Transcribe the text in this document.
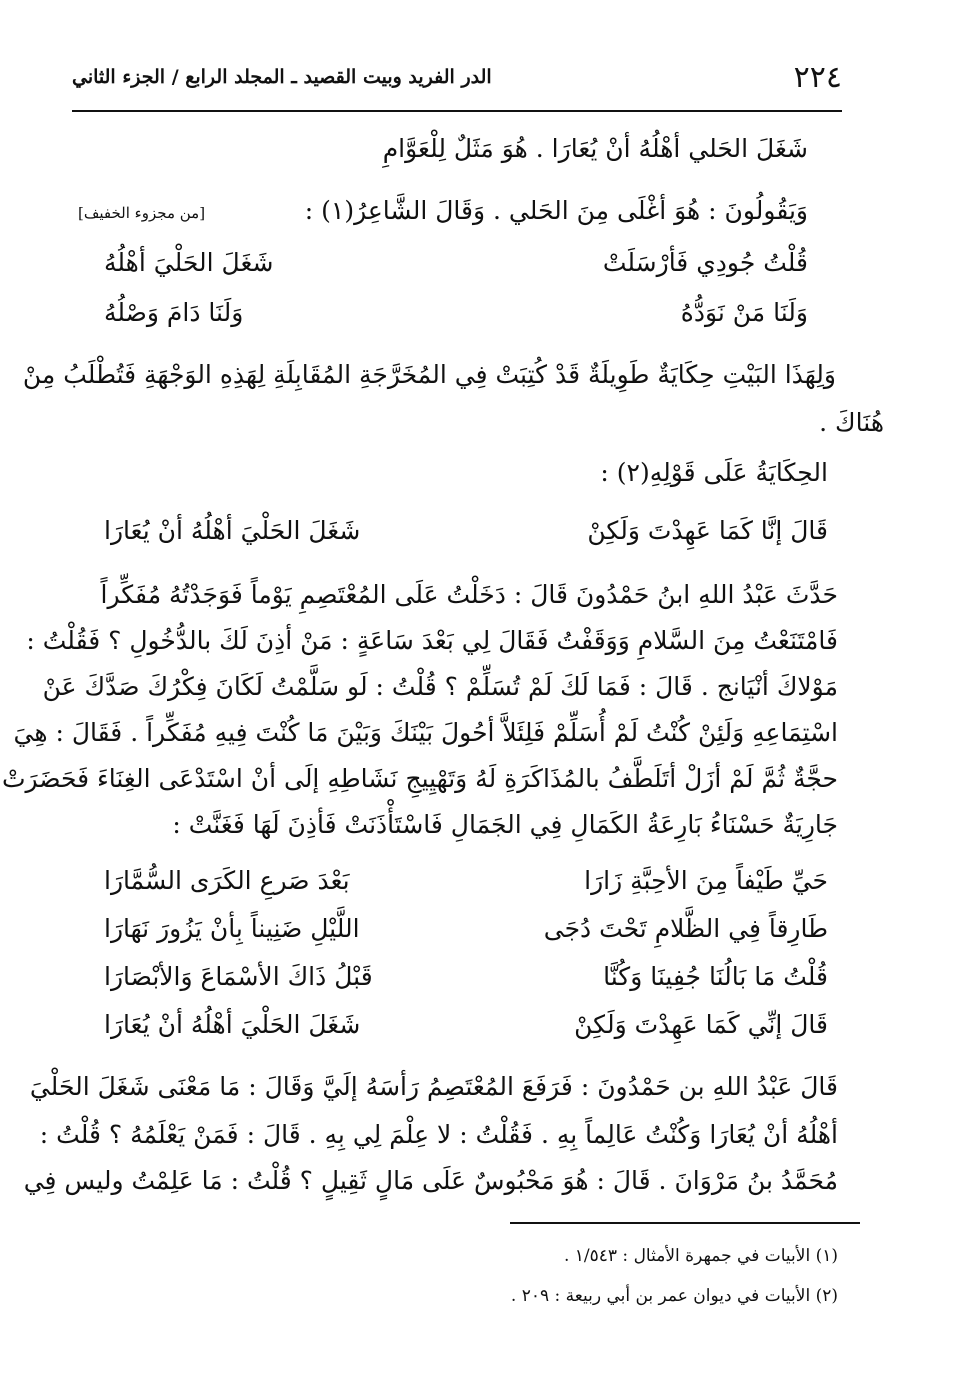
٢٢٤
الدر الفريد وبيت القصيد ـ المجلد الرابع / الجزء الثاني
شَغَلَ الحَلي أهْلُهُ أنْ يُعَارَا . هُوَ مَثَلٌ لِلْعَوَّامِ
وَيَقُولُونَ : هُوَ أغْلَى مِنَ الحَلي . وَقَالَ الشَّاعِرُ(١) :
[من مجزوء الخفيف]
قُلْتُ جُودِي فَأرْسَلَتْ
شَغَلَ الحَلْيَ أهْلُهُ
وَلَنَا مَنْ نَوَدُّهُ
وَلَنَا دَامَ وَصْلُهُ
وَلِهَذَا البَيْتِ حِكَايَةٌ طَوِيلَةٌ قَدْ كُتِبَتْ فِي المُخَرَّجَةِ المُقَابِلَةِ لِهَذِهِ الوَجْهَةِ فَتُطْلَبُ مِنْ
هُنَاكَ .
الحِكَايَةُ عَلَى قَوْلِهِ(٢) :
قَالَ إنَّا كَمَا عَهِدْتَ وَلَكِنْ
شَغَلَ الحَلْيَ أهْلُهُ أنْ يُعَارَا
حَدَّثَ عَبْدُ اللهِ ابنُ حَمْدُونَ قَالَ : دَخَلْتُ عَلَى المُعْتَصِمِ يَوْماً فَوَجَدْتُهُ مُفَكِّراً
فَامْتَنَعْتُ مِنَ السَّلامِ وَوَقَفْتُ فَقَالَ لِي بَعْدَ سَاعَةٍ : مَنْ أذِنَ لَكَ بالدُّخُولِ ؟ فَقُلْتُ :
مَوْلاكَ أنْيَانج . قَالَ : فَمَا لَكَ لَمْ تُسَلِّمْ ؟ قُلْتُ : لَو سَلَّمْتُ لَكَانَ فِكْرُكَ صَدَّكَ عَنْ
اسْتِمَاعِهِ وَلَئِنْ كُنْتُ لَمْ أُسَلِّمْ فَلِئَلاَّ أحُولَ بَيْنَكَ وَبَيْنَ مَا كُنْتَ فِيهِ مُفَكِّراً . فَقَالَ : هِيَ
حجَّةٌ ثُمَّ لَمْ أزَلْ أتَلَطَّفُ بالمُذَاكَرَةِ لَهُ وَتَهْيِيجِ نَشَاطِهِ إلَى أنْ اسْتَدْعَى الغِنَاءَ فَحَضَرَتْ
جَارِيَةٌ حَسْنَاءُ بَارِعَةُ الكَمَالِ فِي الجَمَالِ فَاسْتَأْذَنَتْ فَأذِنَ لَهَا فَغَنَّتْ :
حَيِّ طَيْفاً مِنَ الأحِبَّةِ زَارَا
بَعْدَ صَرعِ الكَرَى السُّمَّارَا
طَارِقاً فِي الظَّلامِ تَحْتَ دُجَى
اللَّيْلِ ضَنِيناً بِأنْ يَزُورَ نَهَارَا
قُلْتُ مَا بَالُنَا جُفِينَا وَكُنَّا
قَبْلُ ذَاكَ الأسْمَاعَ وَالأبْصَارَا
قَالَ إنِّي كَمَا عَهِدْتَ وَلَكِنْ
شَغَلَ الحَلْيَ أهْلُهُ أنْ يُعَارَا
قَالَ عَبْدُ اللهِ بن حَمْدُونَ : فَرَفَعَ المُعْتَصِمُ رَأسَهُ إلَيَّ وَقَالَ : مَا مَعْنَى شَغَلَ الحَلْيَ
أهْلُهُ أنْ يُعَارَا وَكُنْتُ عَالِماً بِهِ . فَقُلْتُ : لا عِلْمَ لِي بِهِ . قَالَ : فَمَنْ يَعْلَمُهُ ؟ قُلْتُ :
مُحَمَّدُ بنُ مَرْوَانَ . قَالَ : هُوَ مَحْبُوسٌ عَلَى مَالٍ ثَقِيلٍ ؟ قُلْتُ : مَا عَلِمْتُ وليس فِي
(١) الأبيات في جمهرة الأمثال : ١/٥٤٣ .
(٢) الأبيات في ديوان عمر بن أبي ربيعة : ٢٠٩ .
